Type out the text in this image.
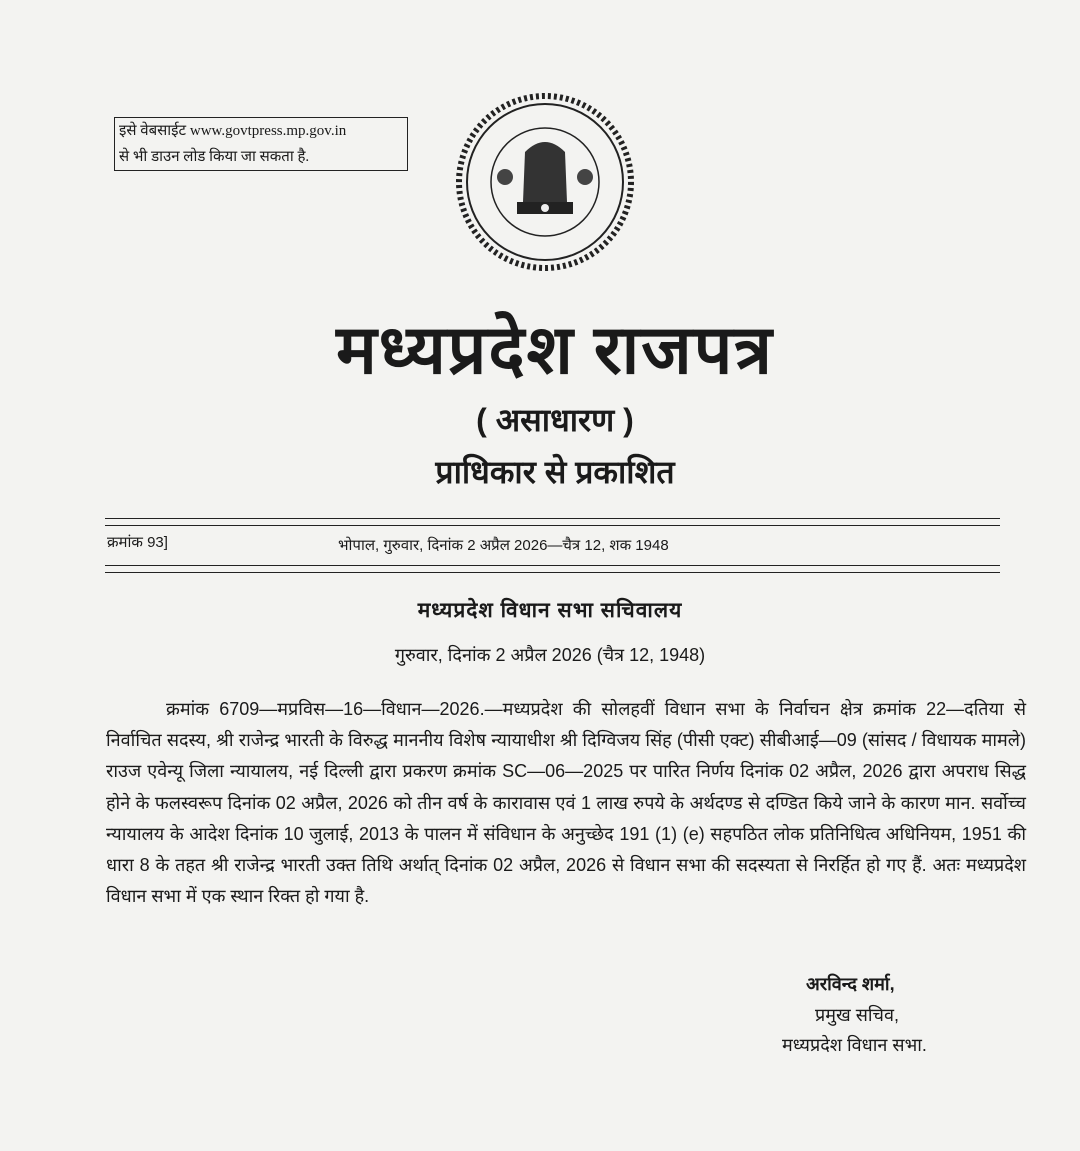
इसे वेबसाईट www.govtpress.mp.gov.in
से भी डाउन लोड किया जा सकता है.
मध्यप्रदेश राजपत्र
( असाधारण )
प्राधिकार से प्रकाशित
क्रमांक 93]	भोपाल, गुरुवार, दिनांक 2 अप्रैल 2026—चैत्र 12, शक 1948
मध्यप्रदेश विधान सभा सचिवालय
गुरुवार, दिनांक 2 अप्रैल 2026 (चैत्र 12, 1948)
क्रमांक 6709—मप्रविस—16—विधान—2026.—मध्यप्रदेश की सोलहवीं विधान सभा के निर्वाचन क्षेत्र क्रमांक 22—दतिया से निर्वाचित सदस्य, श्री राजेन्द्र भारती के विरुद्ध माननीय विशेष न्यायाधीश श्री दिग्विजय सिंह (पीसी एक्ट) सीबीआई—09 (सांसद / विधायक मामले) राउज एवेन्यू जिला न्यायालय, नई दिल्ली द्वारा प्रकरण क्रमांक SC—06—2025 पर पारित निर्णय दिनांक 02 अप्रैल, 2026 द्वारा अपराध सिद्ध होने के फलस्वरूप दिनांक 02 अप्रैल, 2026 को तीन वर्ष के कारावास एवं 1 लाख रुपये के अर्थदण्ड से दण्डित किये जाने के कारण मान. सर्वोच्च न्यायालय के आदेश दिनांक 10 जुलाई, 2013 के पालन में संविधान के अनुच्छेद 191 (1) (e) सहपठित लोक प्रतिनिधित्व अधिनियम, 1951 की धारा 8 के तहत श्री राजेन्द्र भारती उक्त तिथि अर्थात् दिनांक 02 अप्रैल, 2026 से विधान सभा की सदस्यता से निरर्हित हो गए हैं. अतः मध्यप्रदेश विधान सभा में एक स्थान रिक्त हो गया है.
अरविन्द शर्मा,
प्रमुख सचिव,
मध्यप्रदेश विधान सभा.
